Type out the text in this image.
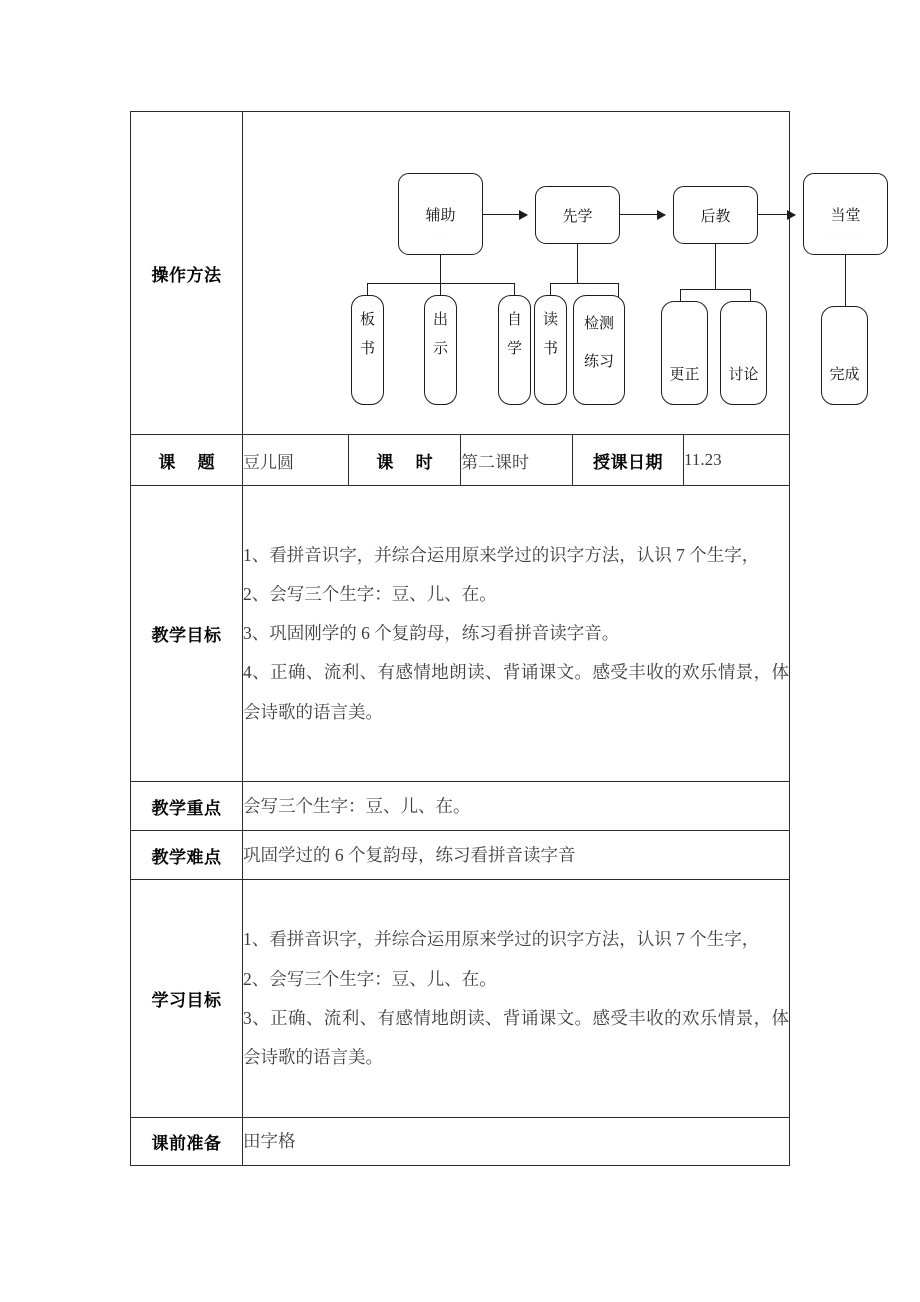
操作方法	
辅助
· ·
先学	后教	当堂
· · · · ·
板
书
出
示
自
学
读
书
检测
练习
更正 讨论	完成

课 题	豆儿圆	课 时	第二课时	授课日期	11.23
教学目标	1、看拼音识字，并综合运用原来学过的识字方法，认识 7 个生字，

2、会写三个生字：豆、儿、在。

3、巩固刚学的 6 个复韵母，练习看拼音读字音。

4、正确、流利、有感情地朗读、背诵课文。感受丰收的欢乐情景，体会诗歌的语言美。				

教学重点	会写三个生字：豆、儿、在。				
教学难点	巩固学过的 6 个复韵母，练习看拼音读字音				
学习目标	1、看拼音识字，并综合运用原来学过的识字方法，认识 7 个生字，

2、会写三个生字：豆、儿、在。

3、正确、流利、有感情地朗读、背诵课文。感受丰收的欢乐情景，体会诗歌的语言美。				

课前准备	田字格				
